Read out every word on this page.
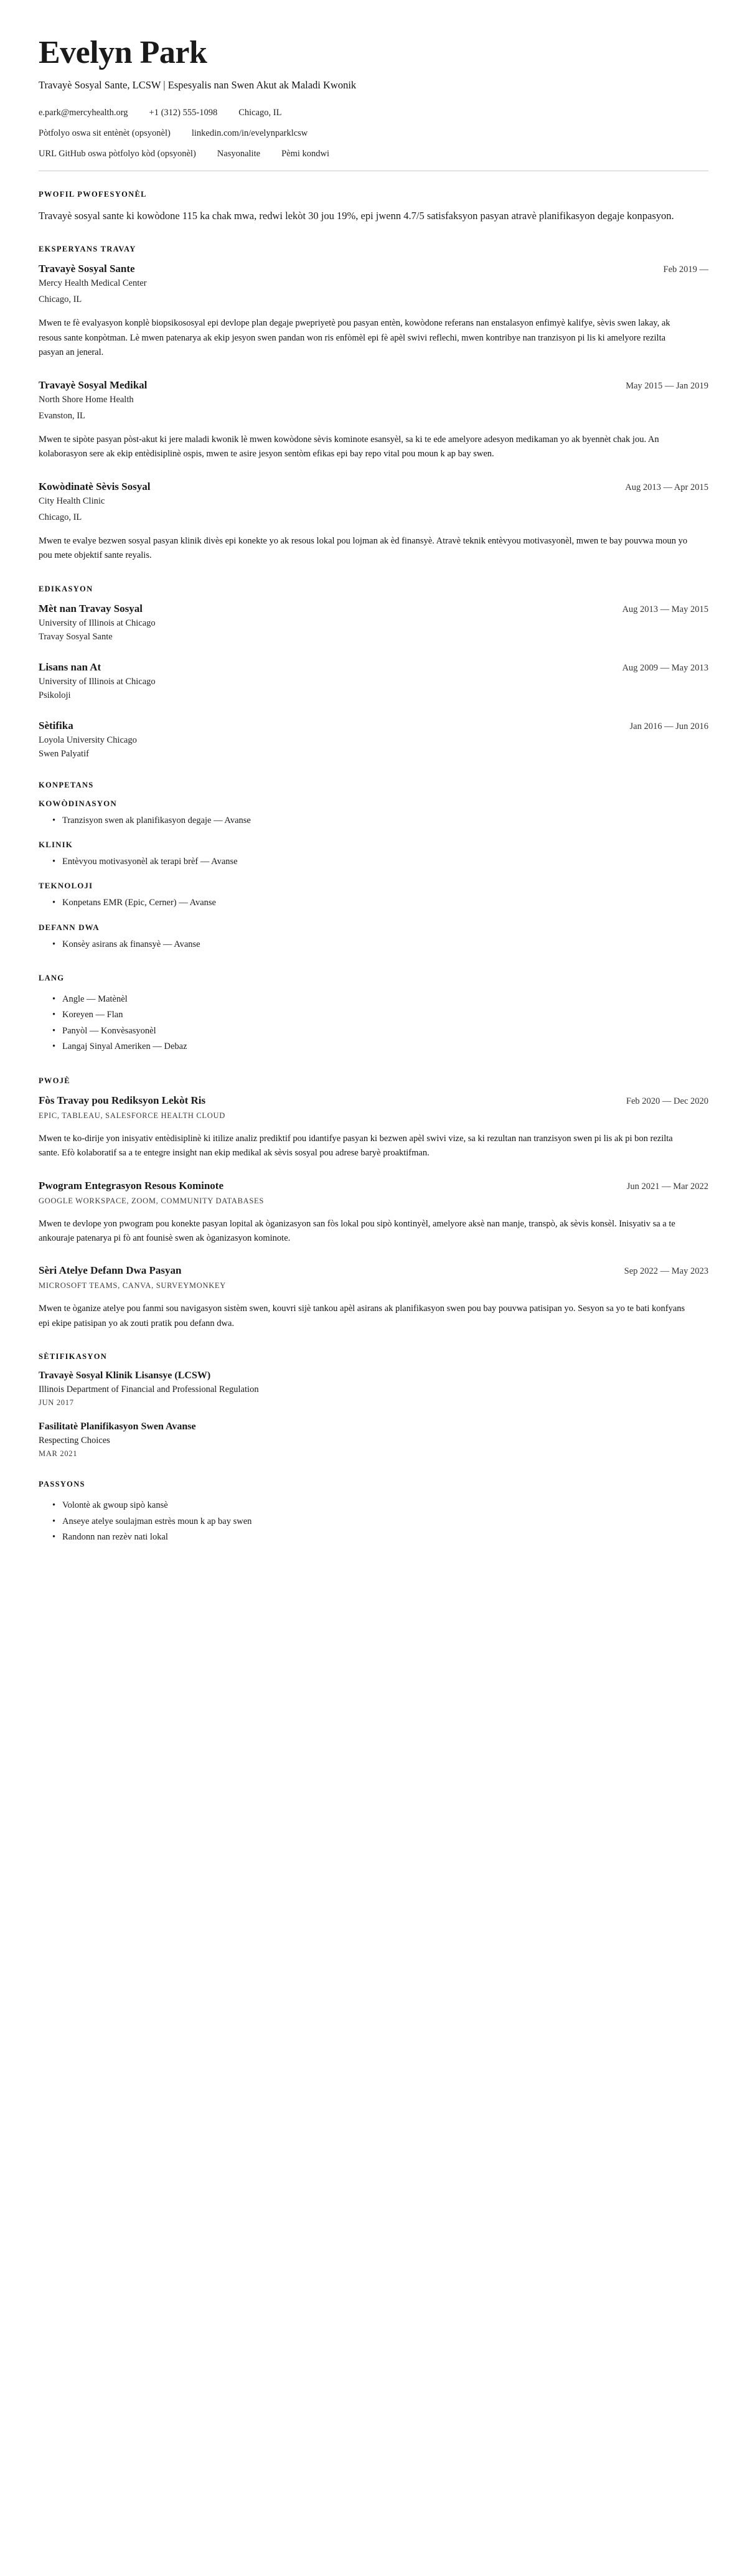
Evelyn Park
Travayè Sosyal Sante, LCSW | Espesyalis nan Swen Akut ak Maladi Kwonik
e.park@mercyhealth.org +1 (312) 555-1098 Chicago, IL
Pòtfolyo oswa sit entènèt (opsyonèl) linkedin.com/in/evelynparklcsw
URL GitHub oswa pòtfolyo kòd (opsyonèl) Nasyonalite Pèmi kondwi
PWOFIL PWOFESYONÈL

Travayè sosyal sante ki kowòdone 115 ka chak mwa, redwi lekòt 30 jou 19%, epi jwenn 4.7/5 satisfaksyon pasyan atravè planifikasyon degaje konpasyon.

EKSPERYANS TRAVAY
Travayè Sosyal Sante	Feb 2019 —

Mercy Health Medical Center

Chicago, IL

Mwen te fè evalyasyon konplè biopsikososyal epi devlope plan degaje pwepriyetè pou pasyan entèn, kowòdone referans nan enstalasyon enfimyè kalifye, sèvis swen lakay, ak resous sante konpòtman. Lè mwen patenarya ak ekip jesyon swen pandan won ris enfòmèl epi fè apèl swivi reflechi, mwen kontribye nan tranzisyon pi lis ki amelyore rezilta pasyan an jeneral.

Travayè Sosyal Medikal	May 2015 — Jan 2019

North Shore Home Health

Evanston, IL

Mwen te sipòte pasyan pòst-akut ki jere maladi kwonik lè mwen kowòdone sèvis kominote esansyèl, sa ki te ede amelyore adesyon medikaman yo ak byennèt chak jou. An kolaborasyon sere ak ekip entèdisiplinè ospis, mwen te asire jesyon sentòm efikas epi bay repo vital pou moun k ap bay swen.

Kowòdinatè Sèvis Sosyal	Aug 2013 — Apr 2015

City Health Clinic

Chicago, IL

Mwen te evalye bezwen sosyal pasyan klinik divès epi konekte yo ak resous lokal pou lojman ak èd finansyè. Atravè teknik entèvyou motivasyonèl, mwen te bay pouvwa moun yo pou mete objektif sante reyalis.

EDIKASYON
Mèt nan Travay Sosyal	Aug 2013 — May 2015

University of Illinois at Chicago

Travay Sosyal Sante

Lisans nan At	Aug 2009 — May 2013

University of Illinois at Chicago

Psikoloji

Sètifika	Jan 2016 — Jun 2016

Loyola University Chicago

Swen Palyatif

KONPETANS
KOWÒDINASYON
• Tranzisyon swen ak planifikasyon degaje — Avanse
KLINIK
• Entèvyou motivasyonèl ak terapi brèf — Avanse
TEKNOLOJI
• Konpetans EMR (Epic, Cerner) — Avanse
DEFANN DWA
• Konsèy asirans ak finansyè — Avanse
LANG
• Angle — Matènèl
• Koreyen — Flan
• Panyòl — Konvèsasyonèl
• Langaj Sinyal Ameriken — Debaz
PWOJÈ
Fòs Travay pou Rediksyon Lekòt Ris	Feb 2020 — Dec 2020

EPIC, TABLEAU, SALESFORCE HEALTH CLOUD

Mwen te ko-dirije yon inisyativ entèdisiplinè ki itilize analiz prediktif pou idantifye pasyan ki bezwen apèl swivi vize, sa ki rezultan nan tranzisyon swen pi lis ak pi bon rezilta sante. Efò kolaboratif sa a te entegre insight nan ekip medikal ak sèvis sosyal pou adrese baryè proaktifman.

Pwogram Entegrasyon Resous Kominote	Jun 2021 — Mar 2022

GOOGLE WORKSPACE, ZOOM, COMMUNITY DATABASES

Mwen te devlope yon pwogram pou konekte pasyan lopital ak òganizasyon san fòs lokal pou sipò kontinyèl, amelyore aksè nan manje, transpò, ak sèvis konsèl. Inisyativ sa a te ankouraje patenarya pi fò ant founisè swen ak òganizasyon kominote.

Sèri Atelye Defann Dwa Pasyan	Sep 2022 — May 2023

MICROSOFT TEAMS, CANVA, SURVEYMONKEY

Mwen te òganize atelye pou fanmi sou navigasyon sistèm swen, kouvri sijè tankou apèl asirans ak planifikasyon swen pou bay pouvwa patisipan yo. Sesyon sa yo te bati konfyans epi ekipe patisipan yo ak zouti pratik pou defann dwa.

SÈTIFIKASYON

Travayè Sosyal Klinik Lisansye (LCSW)

Illinois Department of Financial and Professional Regulation

JUN 2017

Fasilitatè Planifikasyon Swen Avanse

Respecting Choices

MAR 2021

PASSYONS
• Volontè ak gwoup sipò kansè
• Anseye atelye soulajman estrès moun k ap bay swen
• Randonn nan rezèv nati lokal
